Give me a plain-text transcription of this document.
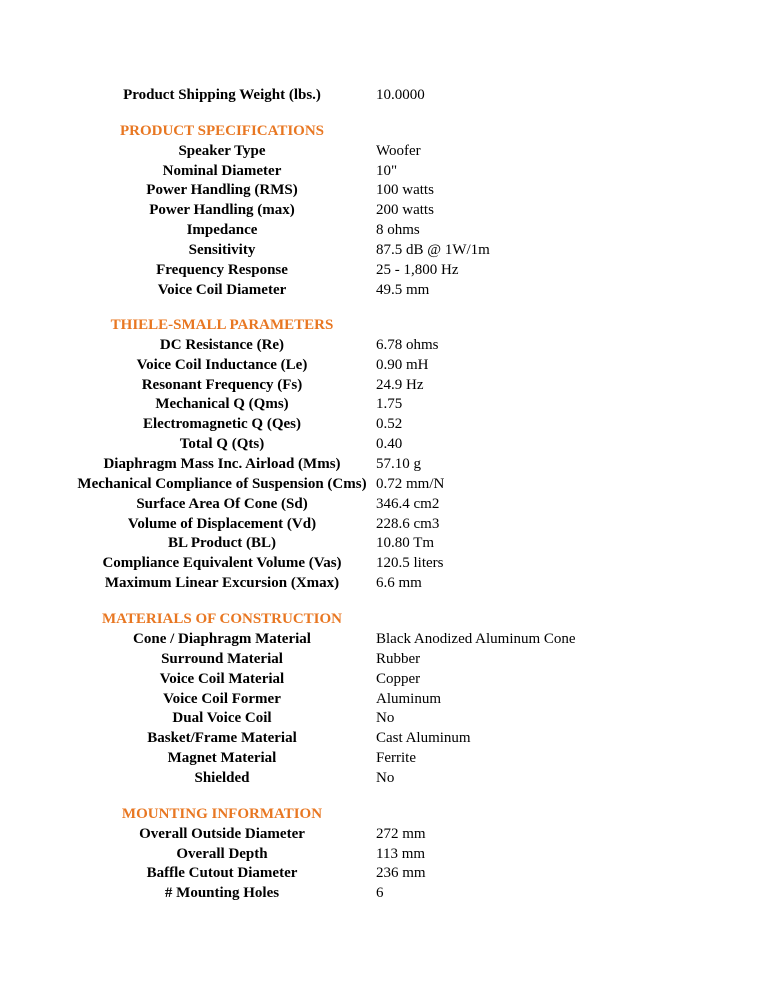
Product Shipping Weight (lbs.)	10.0000
PRODUCT SPECIFICATIONS
Speaker Type	Woofer
Nominal Diameter	10"
Power Handling (RMS)	100 watts
Power Handling (max)	200 watts
Impedance	8 ohms
Sensitivity	87.5 dB @ 1W/1m
Frequency Response	25 - 1,800 Hz
Voice Coil Diameter	49.5 mm
THIELE-SMALL PARAMETERS
DC Resistance (Re)	6.78 ohms
Voice Coil Inductance (Le)	0.90 mH
Resonant Frequency (Fs)	24.9 Hz
Mechanical Q (Qms)	1.75
Electromagnetic Q (Qes)	0.52
Total Q (Qts)	0.40
Diaphragm Mass Inc. Airload (Mms)	57.10 g
Mechanical Compliance of Suspension (Cms) 0.72 mm/N
Surface Area Of Cone (Sd)	346.4 cm2
Volume of Displacement (Vd)	228.6 cm3
BL Product (BL)	10.80 Tm
Compliance Equivalent Volume (Vas)	120.5 liters
Maximum Linear Excursion (Xmax)	6.6 mm
MATERIALS OF CONSTRUCTION
Cone / Diaphragm Material	Black Anodized Aluminum Cone
Surround Material	Rubber
Voice Coil Material	Copper
Voice Coil Former	Aluminum
Dual Voice Coil	No
Basket/Frame Material	Cast Aluminum
Magnet Material	Ferrite
Shielded	No
MOUNTING INFORMATION
Overall Outside Diameter	272 mm
Overall Depth	113 mm
Baffle Cutout Diameter	236 mm
# Mounting Holes	6
